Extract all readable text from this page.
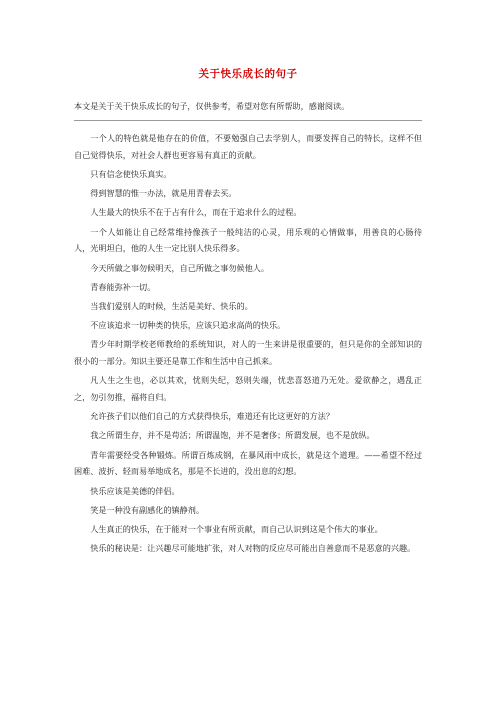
关于快乐成长的句子
本文是关于关于快乐成长的句子，仅供参考，希望对您有所帮助，感谢阅读。

一个人的特色就是他存在的价值，不要勉强自己去学别人，而要发挥自己的特长，这样不但自己觉得快乐，对社会人群也更容易有真正的贡献。

只有信念使快乐真实。

得到智慧的惟一办法，就是用青春去买。

人生最大的快乐不在于占有什么，而在于追求什么的过程。

一个人如能让自己经常维持像孩子一般纯洁的心灵，用乐观的心情做事，用善良的心肠待人，光明坦白，他的人生一定比别人快乐得多。

今天所做之事勿候明天，自己所做之事勿候他人。

青春能弥补一切。

当我们爱别人的时候，生活是美好、快乐的。

不应该追求一切种类的快乐，应该只追求高尚的快乐。

青少年时期学校老师教给的系统知识，对人的一生来讲是很重要的，但只是你的全部知识的很小的一部分。知识主要还是靠工作和生活中自己抓来。

凡人生之生也，必以其欢，忧则失纪，怒则失端，忧悲喜怒道乃无处。爱欲静之，遇乱正之，勿引勿推，福将自归。

允许孩子们以他们自己的方式获得快乐，难道还有比这更好的方法？

我之所谓生存，并不是苟活；所谓温饱，并不是奢侈；所谓发展，也不是放纵。

青年需要经受各种锻炼。所谓百炼成钢，在暴风雨中成长，就是这个道理。——希望不经过困难、波折、轻而易举地成名，那是不长进的，没出息的幻想。

快乐应该是美德的伴侣。

笑是一种没有副感化的镇静剂。

人生真正的快乐，在于能对一个事业有所贡献，而自己认识到这是个伟大的事业。

快乐的秘诀是：让兴趣尽可能地扩张，对人对物的反应尽可能出自善意而不是恶意的兴趣。
